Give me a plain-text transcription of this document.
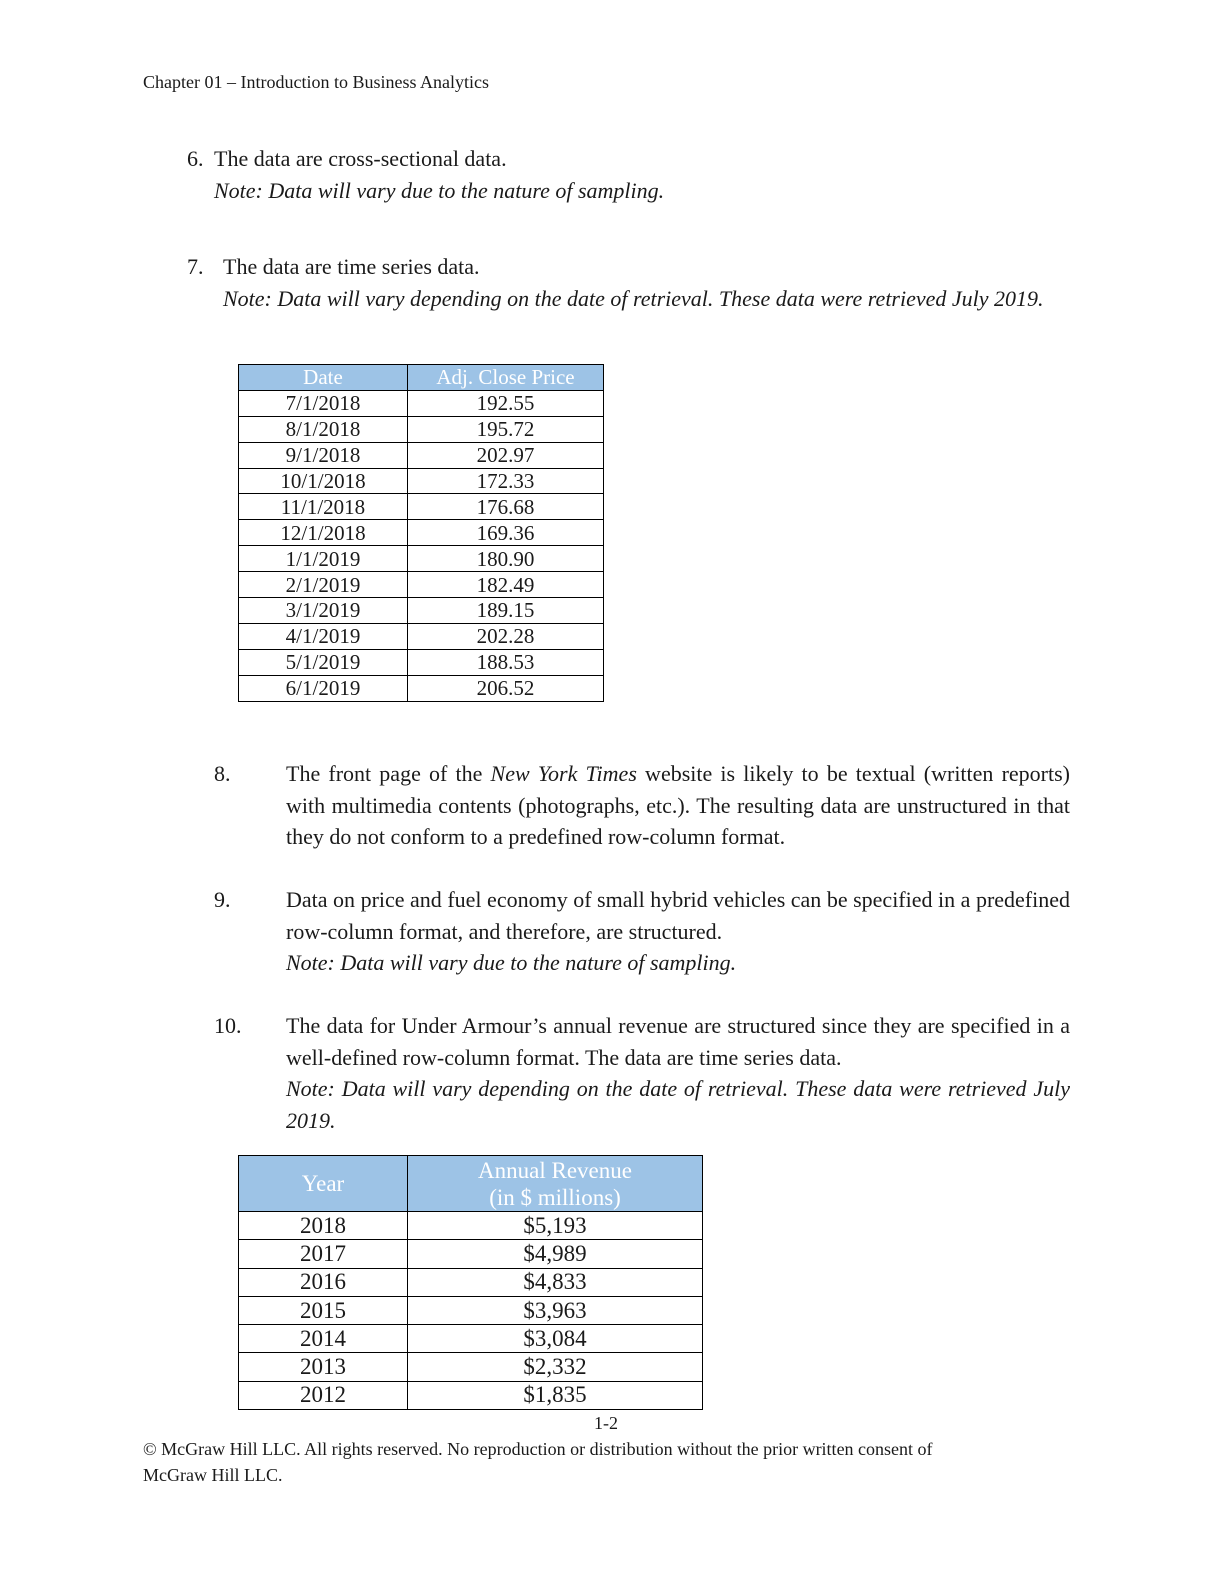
Chapter 01 – Introduction to Business Analytics
6. The data are cross-sectional data.
Note: Data will vary due to the nature of sampling.
7. The data are time series data.
Note: Data will vary depending on the date of retrieval. These data were retrieved July 2019.
Date	Adj. Close Price
7/1/2018	192.55
8/1/2018	195.72
9/1/2018	202.97
10/1/2018	172.33
11/1/2018	176.68
12/1/2018	169.36
1/1/2019	180.90
2/1/2019	182.49
3/1/2019	189.15
4/1/2019	202.28
5/1/2019	188.53
6/1/2019	206.52
8.	The front page of the New York Times website is likely to be textual (written reports) with multimedia contents (photographs, etc.). The resulting data are unstructured in that they do not conform to a predefined row-column format.
9.	Data on price and fuel economy of small hybrid vehicles can be specified in a predefined row-column format, and therefore, are structured.
Note: Data will vary due to the nature of sampling.
10. The data for Under Armour’s annual revenue are structured since they are specified in a well-defined row-column format. The data are time series data.
Note: Data will vary depending on the date of retrieval. These data were retrieved July 2019.
Year	Annual Revenue
(in $ millions)

2018	$5,193
2017	$4,989
2016	$4,833
2015	$3,963
2014	$3,084
2013	$2,332
2012	$1,835
1-2
© McGraw Hill LLC. All rights reserved. No reproduction or distribution without the prior written consent of
McGraw Hill LLC.
